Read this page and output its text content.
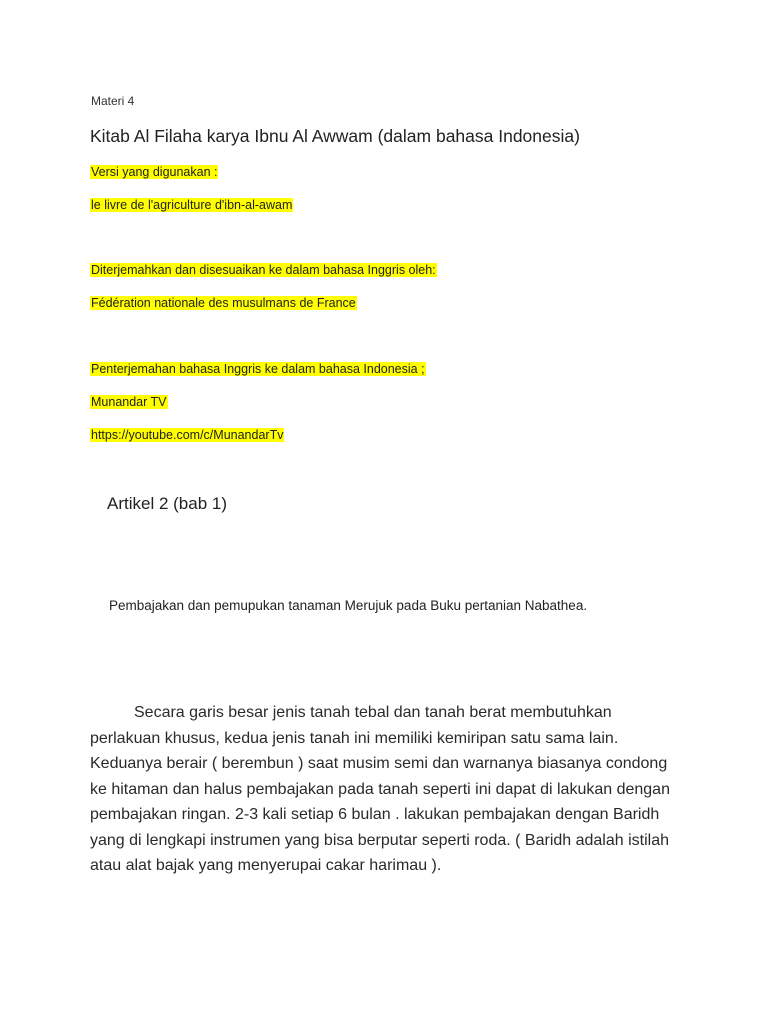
Materi 4
Kitab Al Filaha karya Ibnu Al Awwam (dalam bahasa Indonesia)
Versi yang digunakan :
le livre de l'agriculture d'ibn-al-awam
Diterjemahkan dan disesuaikan ke dalam bahasa Inggris oleh:
Fédération nationale des musulmans de France
Penterjemahan bahasa Inggris ke dalam bahasa Indonesia ;
Munandar TV
https://youtube.com/c/MunandarTv
Artikel 2 (bab 1)
Pembajakan dan pemupukan tanaman Merujuk pada Buku pertanian Nabathea.
Secara garis besar jenis tanah tebal dan tanah berat membutuhkan
perlakuan khusus, kedua jenis tanah ini memiliki kemiripan satu sama lain.
Keduanya berair ( berembun ) saat musim semi dan warnanya biasanya condong
ke hitaman dan halus pembajakan pada tanah seperti ini dapat di lakukan dengan
pembajakan ringan. 2-3 kali setiap 6 bulan . lakukan pembajakan dengan Baridh
yang di lengkapi instrumen yang bisa berputar seperti roda. ( Baridh adalah istilah
atau alat bajak yang menyerupai cakar harimau ).
